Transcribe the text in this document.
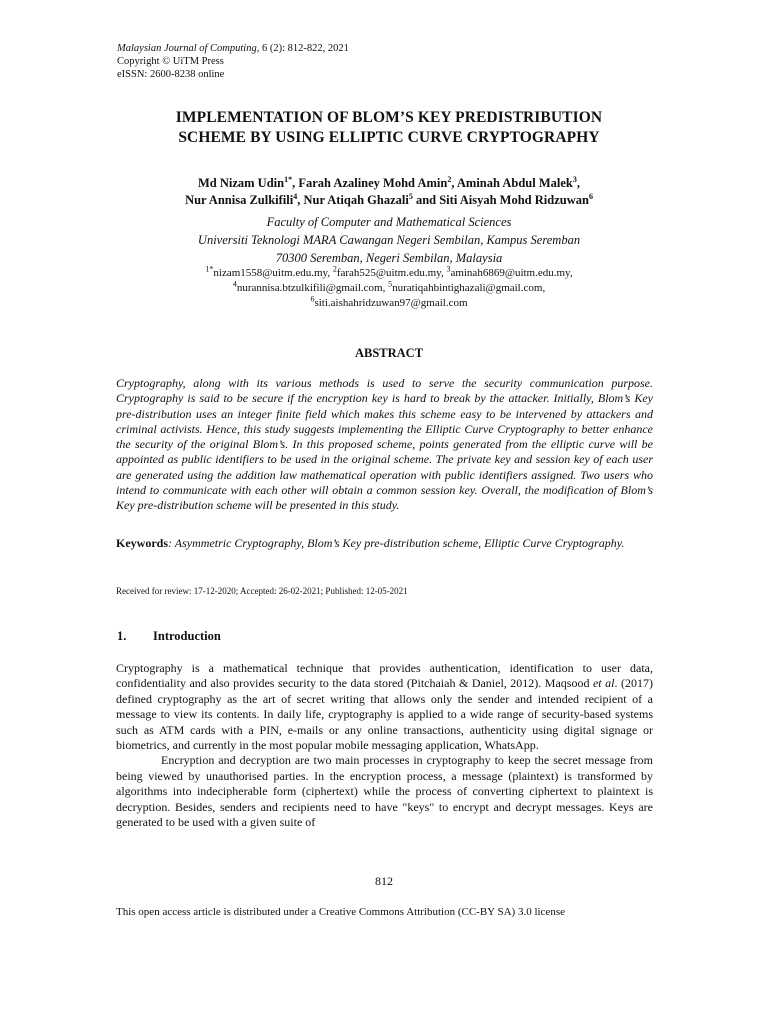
Malaysian Journal of Computing, 6 (2): 812-822, 2021
Copyright © UiTM Press
eISSN: 2600-8238 online
IMPLEMENTATION OF BLOM’S KEY PREDISTRIBUTION
SCHEME BY USING ELLIPTIC CURVE CRYPTOGRAPHY
Md Nizam Udin$^{1*}$, Farah Azaliney Mohd Amin$^2$, Aminah Abdul Malek$^3$,
Nur Annisa Zulkifili$^4$, Nur Atiqah Ghazali$^5$ and Siti Aisyah Mohd Ridzuwan$^6$
Faculty of Computer and Mathematical Sciences
Universiti Teknologi MARA Cawangan Negeri Sembilan, Kampus Seremban
70300 Seremban, Negeri Sembilan, Malaysia
$^{1*}$nizam1558@uitm.edu.my, $^2$farah525@uitm.edu.my, $^3$aminah6869@uitm.edu.my,
$^4$nurannisa.btzulkifili@gmail.com, $^5$nuratiqahbintighazali@gmail.com,
$^6$siti.aishahridzuwan97@gmail.com
ABSTRACT
Cryptography, along with its various methods is used to serve the security communication purpose. Cryptography is said to be secure if the encryption key is hard to break by the attacker. Initially, Blom’s Key pre-distribution uses an integer finite field which makes this scheme easy to be intervened by attackers and criminal activists. Hence, this study suggests implementing the Elliptic Curve Cryptography to better enhance the security of the original Blom’s. In this proposed scheme, points generated from the elliptic curve will be appointed as public identifiers to be used in the original scheme. The private key and session key of each user are generated using the addition law mathematical operation with public identifiers assigned. Two users who intend to communicate with each other will obtain a common session key. Overall, the modification of Blom’s Key pre-distribution scheme will be presented in this study.
Keywords: Asymmetric Cryptography, Blom’s Key pre-distribution scheme, Elliptic Curve Cryptography.
Received for review: 17-12-2020; Accepted: 26-02-2021; Published: 12-05-2021
1. Introduction

Cryptography is a mathematical technique that provides authentication, identification to user data, confidentiality and also provides security to the data stored (Pitchaiah & Daniel, 2012). Maqsood et al. (2017) defined cryptography as the art of secret writing that allows only the sender and intended recipient of a message to view its contents. In daily life, cryptography is applied to a wide range of security-based systems such as ATM cards with a PIN, e-mails or any online transactions, authenticity using digital signage or biometrics, and currently in the most popular mobile messaging application, WhatsApp.

Encryption and decryption are two main processes in cryptography to keep the secret message from being viewed by unauthorised parties. In the encryption process, a message (plaintext) is transformed by algorithms into indecipherable form (ciphertext) while the process of converting ciphertext to plaintext is decryption. Besides, senders and recipients need to have "keys" to encrypt and decrypt messages. Keys are generated to be used with a given suite of

812
This open access article is distributed under a Creative Commons Attribution (CC-BY SA) 3.0 license
